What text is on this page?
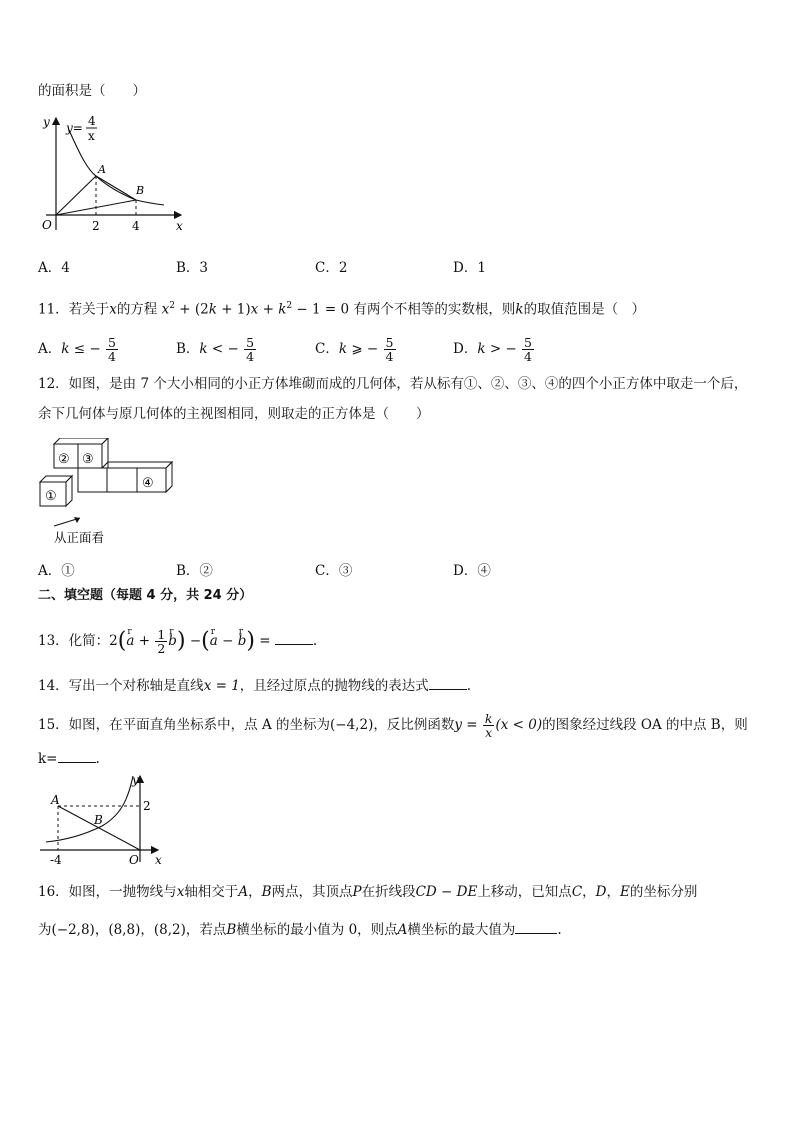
的面积是（　　）
y y= 4
x
A
B
O	2	4	x
A．4	B．3	C．2	D．1
11．若关于x的方程 $x^2 + (2k + 1)x + k^2 - 1 = 0$ 有两个不相等的实数根，则k的取值范围是（　）
A．k ≤ − $\frac{5}{4}$	B．k < − $\frac{5}{4}$	C．k ⩾ − $\frac{5}{4}$	D．k > − $\frac{5}{4}$
12．如图，是由 7 个大小相同的小正方体堆砌而成的几何体，若从标有①、②、③、④的四个小正方体中取走一个后，
余下几何体与原几何体的主视图相同，则取走的正方体是（　　）
② ③
①
④
从正面看
A．①	B．②	C．③	D．④
二、填空题（每题 4 分，共 24 分）
13．化简：2(r $a + \frac{1}{2}$ r b) −(r a − r b) =	.
14．写出一个对称轴是直线x = 1，且经过原点的抛物线的表达式	.
15．如图，在平面直角坐标系中，点 A 的坐标为(−4,2)，反比例函数$y = \frac{k}{x} (x < 0)$的图象经过线段 OA 的中点 B，则
k=	.
A
B
2
y
-4	O x
16．如图，一抛物线与x轴相交于A，B两点，其顶点P在折线段CD − DE上移动，已知点C，D，E的坐标分别
为(−2,8)，(8,8)，(8,2)，若点B横坐标的最小值为 0，则点A横坐标的最大值为	.
